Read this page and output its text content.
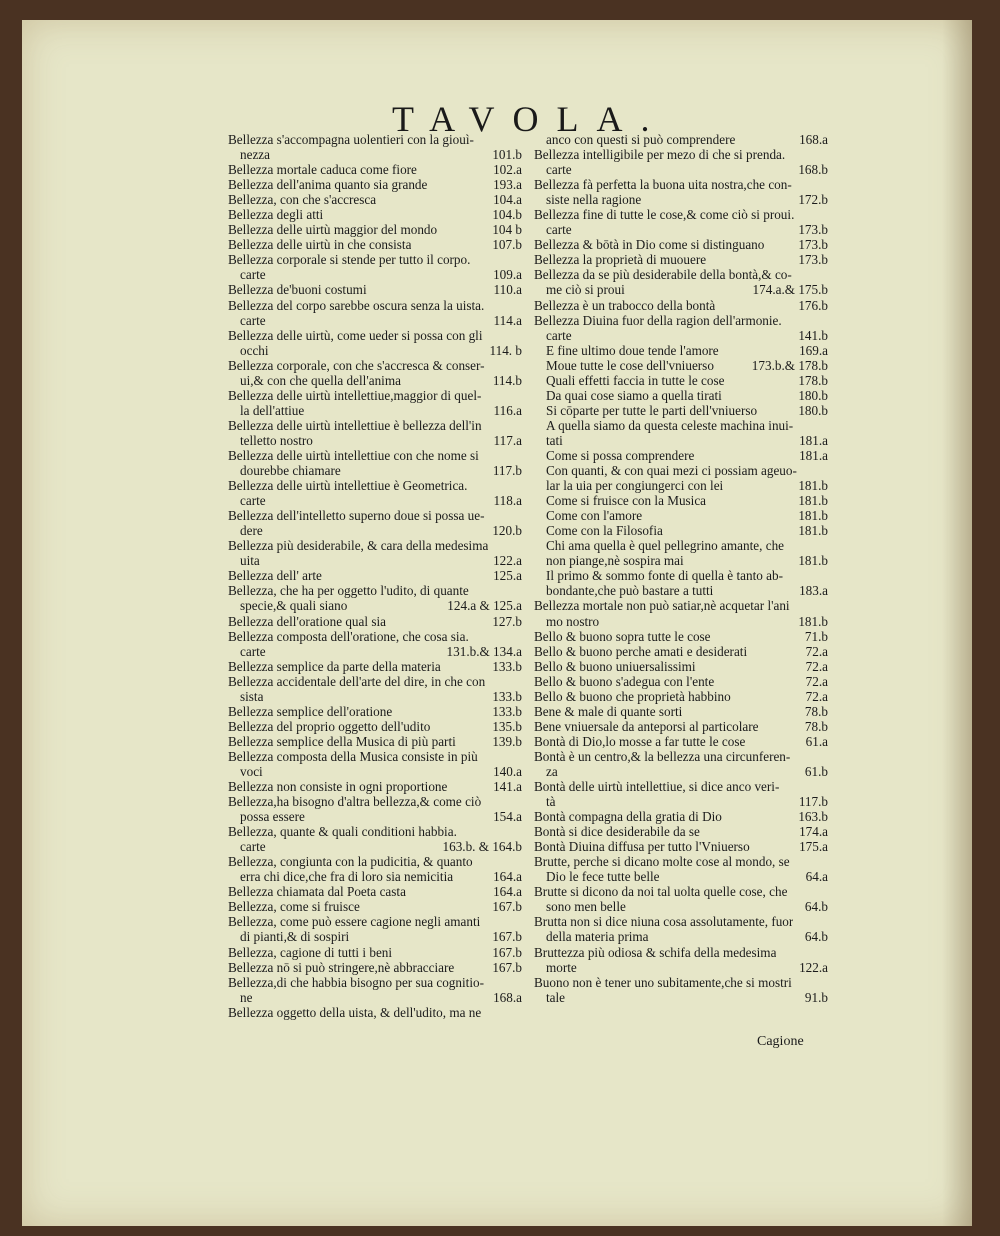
TAVOLA.
Bellezza s'accompagna uolentieri con la giouì-
nezza	101.b
Bellezza mortale caduca come fiore	102.a
Bellezza dell'anima quanto sia grande	193.a
Bellezza, con che s'accresca	104.a
Bellezza degli atti	104.b
Bellezza delle uirtù maggior del mondo	104 b
Bellezza delle uirtù in che consista	107.b
Bellezza corporale si stende per tutto il corpo.
carte	109.a
Bellezza de'buoni costumi	110.a
Bellezza del corpo sarebbe oscura senza la uista.
carte	114.a
Bellezza delle uirtù, come ueder si possa con gli
occhi	114. b
Bellezza corporale, con che s'accresca & conser-
ui,& con che quella dell'anima	114.b
Bellezza delle uirtù intellettiue,maggior di quel-
la dell'attiue	116.a
Bellezza delle uirtù intellettiue è bellezza dell'in
telletto nostro	117.a
Bellezza delle uirtù intellettiue con che nome si
dourebbe chiamare	117.b
Bellezza delle uirtù intellettiue è Geometrica.
carte	118.a
Bellezza dell'intelletto superno doue si possa ue-
dere	120.b
Bellezza più desiderabile, & cara della medesima
uita	122.a
Bellezza dell' arte	125.a
Bellezza, che ha per oggetto l'udito, di quante
specie,& quali siano	124.a & 125.a
Bellezza dell'oratione qual sia	127.b
Bellezza composta dell'oratione, che cosa sia.
carte	131.b.& 134.a
Bellezza semplice da parte della materia	133.b
Bellezza accidentale dell'arte del dire, in che con
sista	133.b
Bellezza semplice dell'oratione	133.b
Bellezza del proprio oggetto dell'udito	135.b
Bellezza semplice della Musica di più parti	139.b
Bellezza composta della Musica consiste in più
voci	140.a
Bellezza non consiste in ogni proportione	141.a
Bellezza,ha bisogno d'altra bellezza,& come ciò
possa essere	154.a
Bellezza, quante & quali conditioni habbia.
carte	163.b. & 164.b
Bellezza, congiunta con la pudicitia, & quanto
erra chi dice,che fra di loro sia nemicitia	164.a
Bellezza chiamata dal Poeta casta	164.a
Bellezza, come si fruisce	167.b
Bellezza, come può essere cagione negli amanti
di pianti,& di sospiri	167.b
Bellezza, cagione di tutti i beni	167.b
Bellezza nō si può stringere,nè abbracciare	167.b
Bellezza,di che habbia bisogno per sua cognitio-
ne	168.a
Bellezza oggetto della uista, & dell'udito, ma ne
anco con questi si può comprendere	168.a
Bellezza intelligibile per mezo di che si prenda.
carte	168.b
Bellezza fà perfetta la buona uita nostra,che con-
siste nella ragione	172.b
Bellezza fine di tutte le cose,& come ciò si proui.
carte	173.b
Bellezza & bōtà in Dio come si distinguano	173.b
Bellezza la proprietà di muouere	173.b
Bellezza da se più desiderabile della bontà,& co-
me ciò si proui	174.a.& 175.b
Bellezza è un trabocco della bontà	176.b
Bellezza Diuina fuor della ragion dell'armonie.
carte	141.b
E fine ultimo doue tende l'amore	169.a
Moue tutte le cose dell'vniuerso	173.b.& 178.b
Quali effetti faccia in tutte le cose	178.b
Da quai cose siamo a quella tirati	180.b
Si cōparte per tutte le parti dell'vniuerso	180.b
A quella siamo da questa celeste machina inui-
tati	181.a
Come si possa comprendere	181.a
Con quanti, & con quai mezi ci possiam ageuo-
lar la uia per congiungerci con lei	181.b
Come si fruisce con la Musica	181.b
Come con l'amore	181.b
Come con la Filosofia	181.b
Chi ama quella è quel pellegrino amante, che
non piange,nè sospira mai	181.b
Il primo & sommo fonte di quella è tanto ab-
bondante,che può bastare a tutti	183.a
Bellezza mortale non può satiar,nè acquetar l'ani
mo nostro	181.b
Bello & buono sopra tutte le cose	71.b
Bello & buono perche amati e desiderati	72.a
Bello & buono uniuersalissimi	72.a
Bello & buono s'adegua con l'ente	72.a
Bello & buono che proprietà habbino	72.a
Bene & male di quante sorti	78.b
Bene vniuersale da anteporsi al particolare	78.b
Bontà di Dio,lo mosse a far tutte le cose	61.a
Bontà è un centro,& la bellezza una circunferen-
za	61.b
Bontà delle uirtù intellettiue, si dice anco veri-
tà	117.b
Bontà compagna della gratia di Dio	163.b
Bontà si dice desiderabile da se	174.a
Bontà Diuina diffusa per tutto l'Vniuerso	175.a
Brutte, perche si dicano molte cose al mondo, se
Dio le fece tutte belle	64.a
Brutte si dicono da noi tal uolta quelle cose, che
sono men belle	64.b
Brutta non si dice niuna cosa assolutamente, fuor
della materia prima	64.b
Bruttezza più odiosa & schifa della medesima
morte	122.a
Buono non è tener uno subitamente,che si mostri
tale	91.b
Cagione
